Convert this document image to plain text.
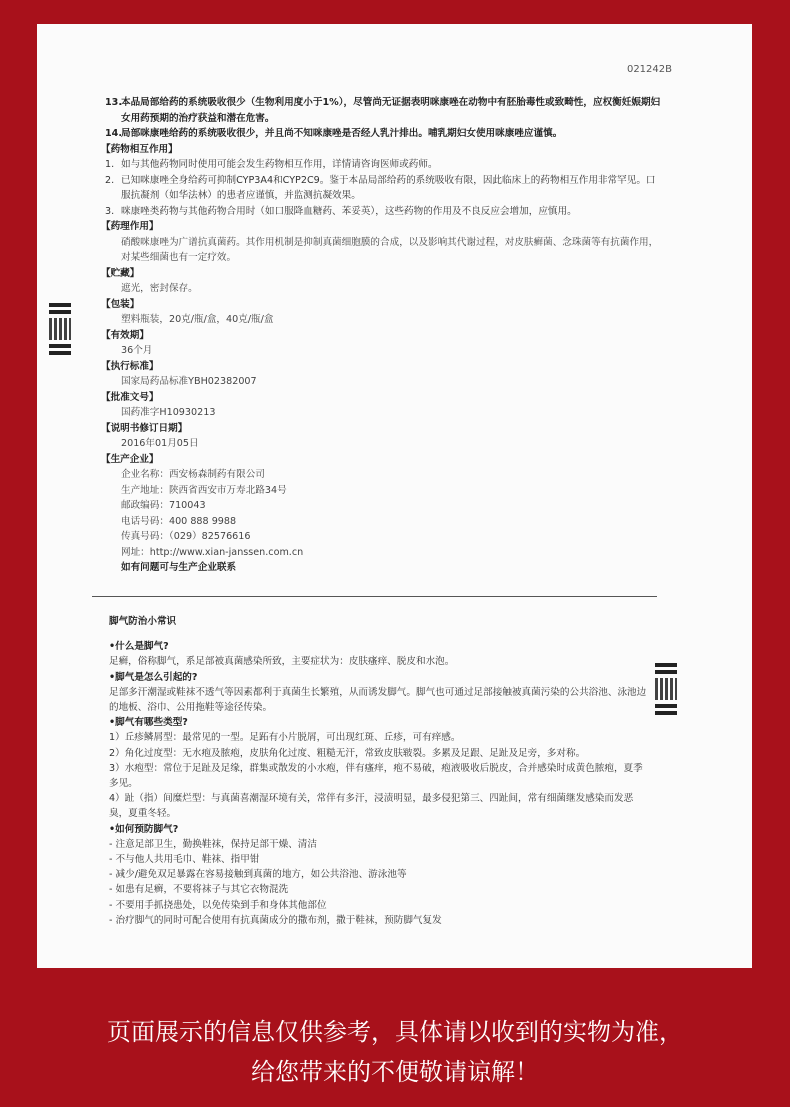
021242B
13. 本品局部给药的系统吸收很少（生物利用度小于1%），尽管尚无证据表明咪康唑在动物中有胚胎毒性或致畸性，应权衡妊娠期妇女用药预期的治疗获益和潜在危害。
14. 局部咪康唑给药的系统吸收很少，并且尚不知咪康唑是否经人乳汁排出。哺乳期妇女使用咪康唑应谨慎。
【药物相互作用】
1. 如与其他药物同时使用可能会发生药物相互作用，详情请咨询医师或药师。
2. 已知咪康唑全身给药可抑制CYP3A4和CYP2C9。鉴于本品局部给药的系统吸收有限，因此临床上的药物相互作用非常罕见。口服抗凝剂（如华法林）的患者应谨慎，并监测抗凝效果。
3. 咪康唑类药物与其他药物合用时（如口服降血糖药、苯妥英），这些药物的作用及不良反应会增加，应慎用。
【药理作用】
硝酸咪康唑为广谱抗真菌药。其作用机制是抑制真菌细胞膜的合成，以及影响其代谢过程，对皮肤癣菌、念珠菌等有抗菌作用，对某些细菌也有一定疗效。
【贮藏】
遮光，密封保存。
【包装】
塑料瓶装，20克/瓶/盒，40克/瓶/盒
【有效期】
36个月
【执行标准】
国家局药品标准YBH02382007
【批准文号】
国药准字H10930213
【说明书修订日期】
2016年01月05日
【生产企业】
企业名称：西安杨森制药有限公司
生产地址：陕西省西安市万寿北路34号
邮政编码：710043
电话号码：400 888 9988
传真号码：（029）82576616
网址：http://www.xian-janssen.com.cn
如有问题可与生产企业联系
脚气防治小常识
•什么是脚气?
足癣，俗称脚气，系足部被真菌感染所致，主要症状为：皮肤瘙痒、脱皮和水泡。
•脚气是怎么引起的?
足部多汗潮湿或鞋袜不透气等因素都利于真菌生长繁殖，从而诱发脚气。脚气也可通过足部接触被真菌污染的公共浴池、泳池边的地板、浴巾、公用拖鞋等途径传染。
•脚气有哪些类型?
1）丘疹鳞屑型：最常见的一型。足跖有小片脱屑，可出现红斑、丘疹，可有痒感。
2）角化过度型：无水疱及脓疱，皮肤角化过度、粗糙无汗，常致皮肤皲裂。多累及足跟、足趾及足旁，多对称。
3）水疱型：常位于足趾及足缘，群集或散发的小水疱，伴有瘙痒，疱不易破，疱液吸收后脱皮，合并感染时成黄色脓疱，夏季多见。
4）趾（指）间糜烂型：与真菌喜潮湿环境有关，常伴有多汗，浸渍明显，最多侵犯第三、四趾间，常有细菌继发感染而发恶臭，夏重冬轻。
•如何预防脚气?
- 注意足部卫生，勤换鞋袜，保持足部干燥、清洁
- 不与他人共用毛巾、鞋袜、指甲钳
- 减少/避免双足暴露在容易接触到真菌的地方，如公共浴池、游泳池等
- 如患有足癣，不要将袜子与其它衣物混洗
- 不要用手抓挠患处，以免传染到手和身体其他部位
- 治疗脚气的同时可配合使用有抗真菌成分的撒布剂，撒于鞋袜，预防脚气复发
页面展示的信息仅供参考，具体请以收到的实物为准，
给您带来的不便敬请谅解！
